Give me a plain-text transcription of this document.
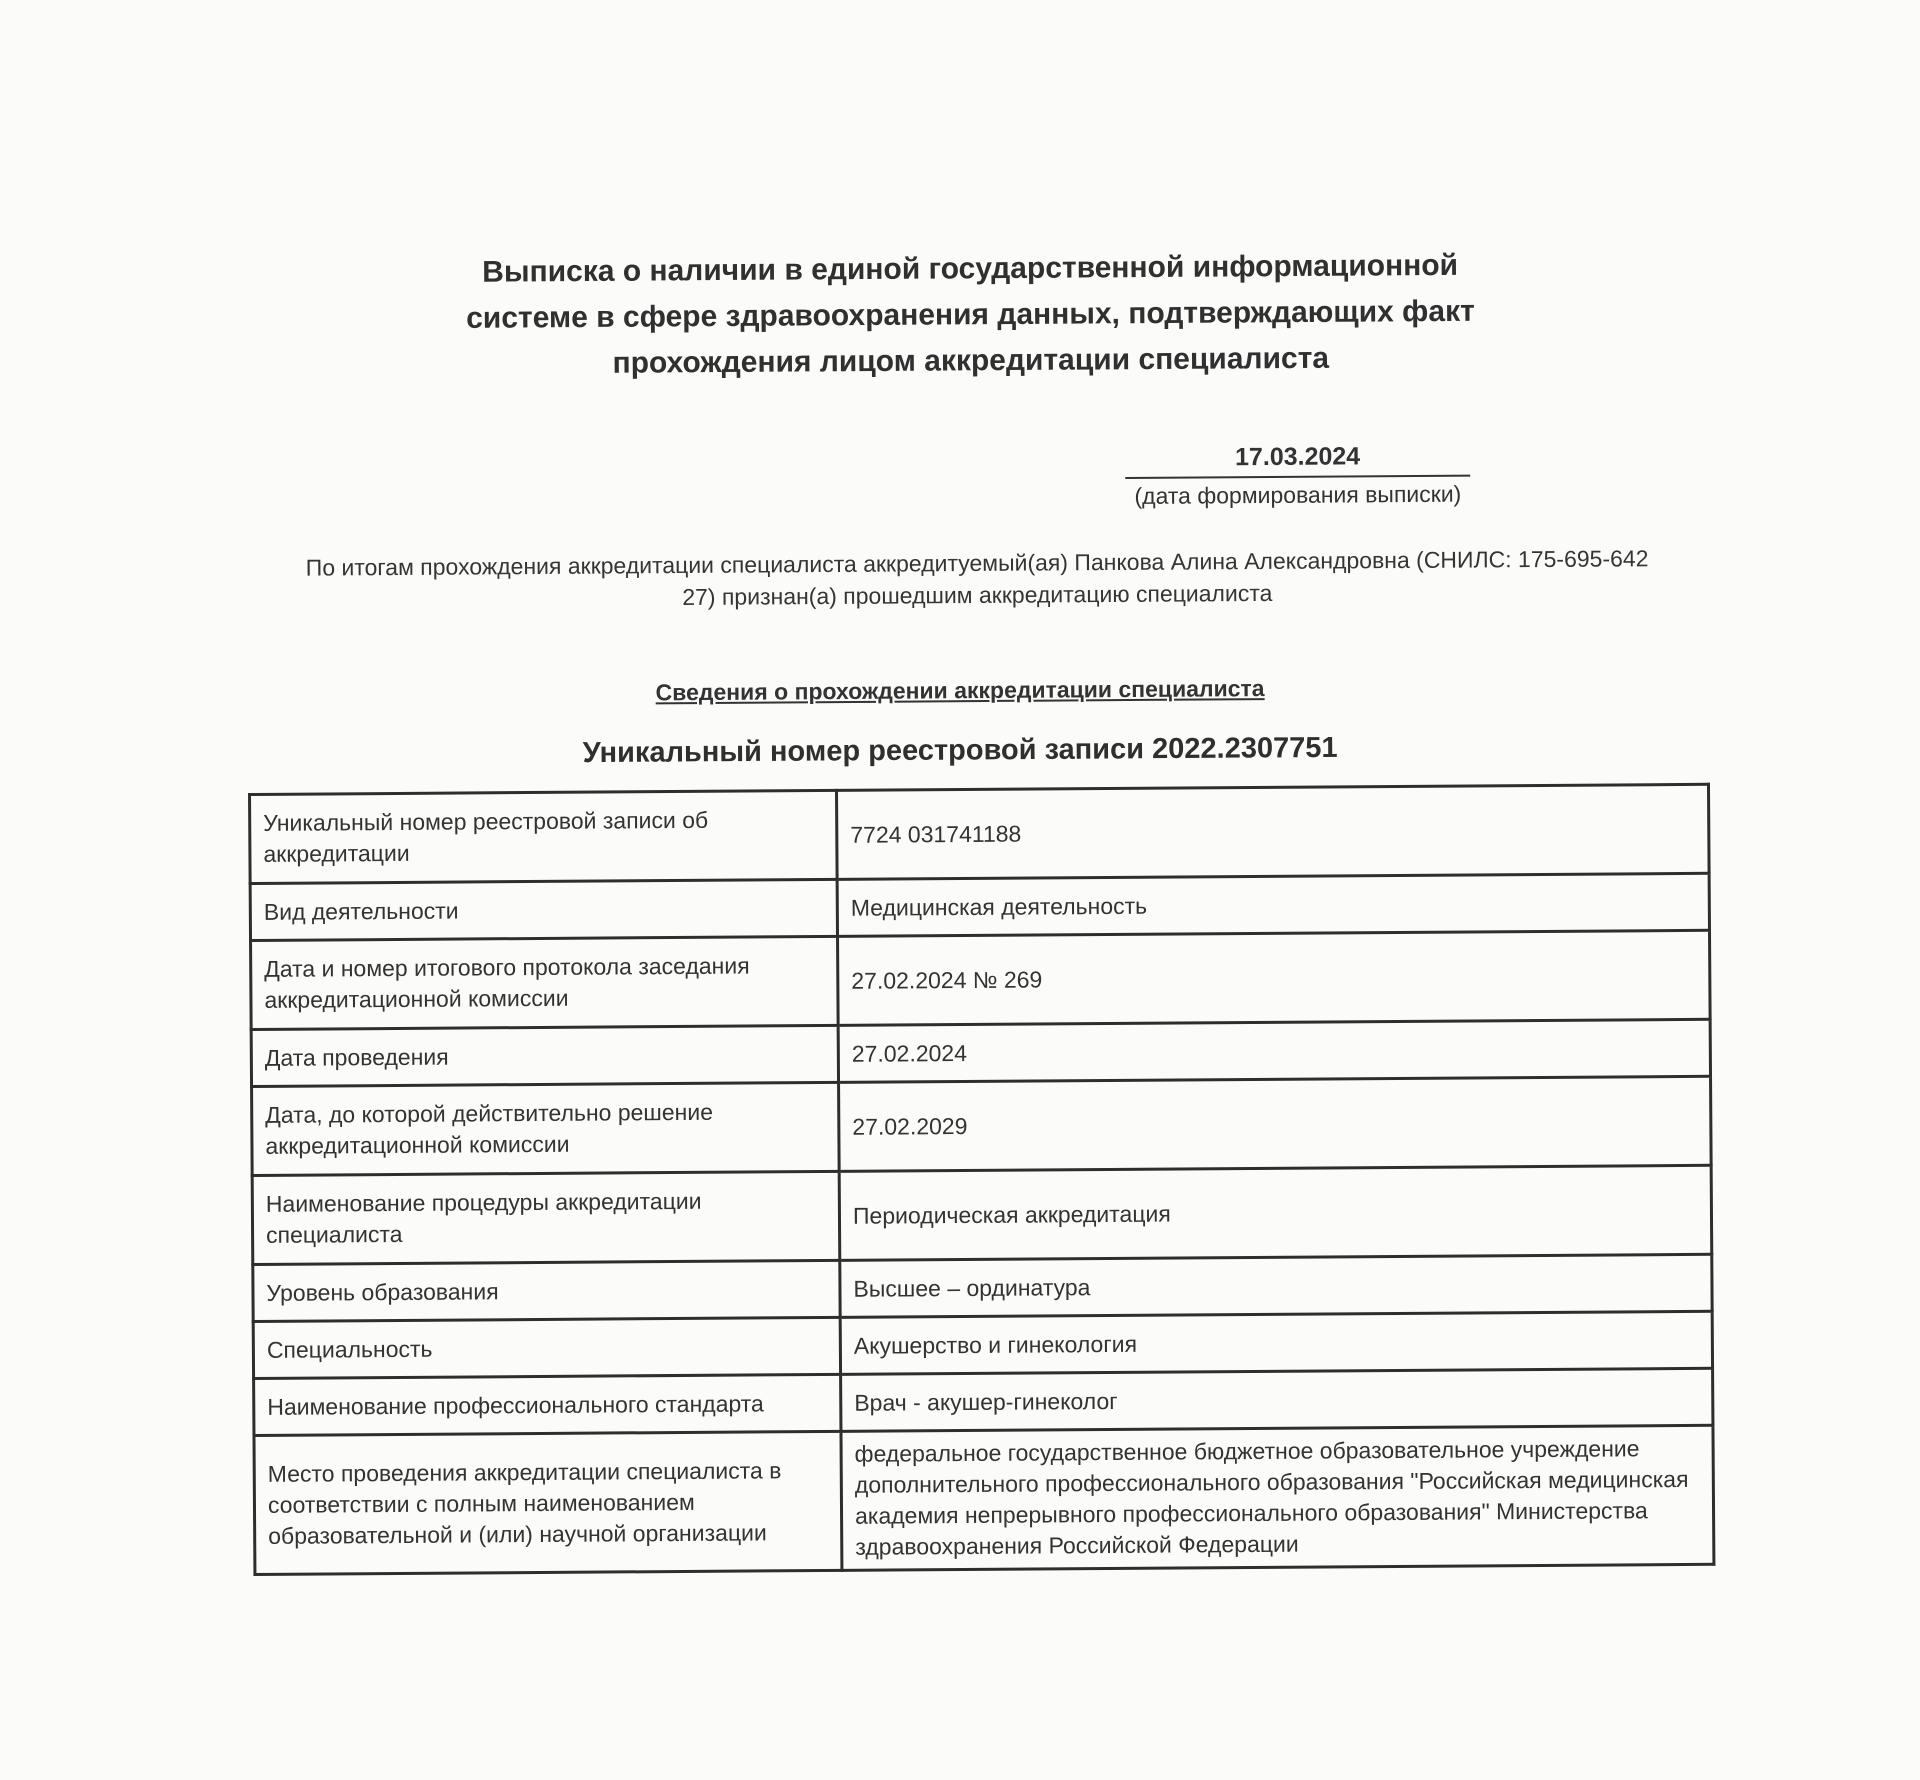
Выписка о наличии в единой государственной информационной
системе в сфере здравоохранения данных, подтверждающих факт
прохождения лицом аккредитации специалиста
17.03.2024
(дата формирования выписки)
По итогам прохождения аккредитации специалиста аккредитуемый(ая) Панкова Алина Александровна (СНИЛС: 175-695-642
27) признан(а) прошедшим аккредитацию специалиста
Сведения о прохождении аккредитации специалиста
Уникальный номер реестровой записи 2022.2307751
Уникальный номер реестровой записи об аккредитации	7724 031741188
Вид деятельности	Медицинская деятельность
Дата и номер итогового протокола заседания аккредитационной комиссии	27.02.2024 № 269
Дата проведения	27.02.2024
Дата, до которой действительно решение аккредитационной комиссии	27.02.2029
Наименование процедуры аккредитации специалиста	Периодическая аккредитация
Уровень образования	Высшее – ординатура
Специальность	Акушерство и гинекология
Наименование профессионального стандарта	Врач - акушер-гинеколог
Место проведения аккредитации специалиста в соответствии с полным наименованием образовательной и (или) научной организации	федеральное государственное бюджетное образовательное учреждение дополнительного профессионального образования "Российская медицинская академия непрерывного профессионального образования" Министерства здравоохранения Российской Федерации
